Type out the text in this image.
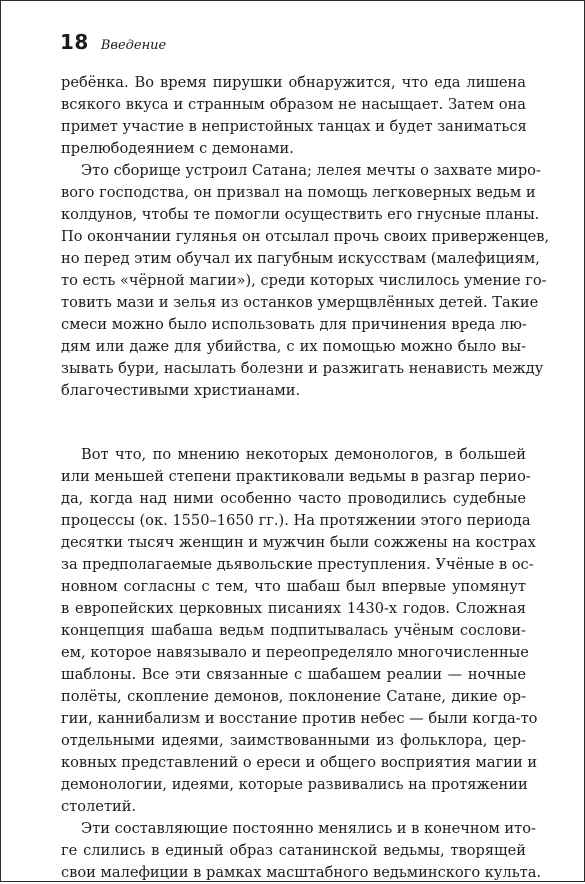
18 Введение
ребёнка. Во время пирушки обнаружится, что еда лишена
всякого вкуса и странным образом не насыщает. Затем она
примет участие в непристойных танцах и будет заниматься
прелюбодеянием с демонами.
Это сборище устроил Сатана; лелея мечты о захвате миро-
вого господства, он призвал на помощь легковерных ведьм и
колдунов, чтобы те помогли осуществить его гнусные планы.
По окончании гулянья он отсылал прочь своих приверженцев,
но перед этим обучал их пагубным искусствам (малефициям,
то есть «чёрной магии»), среди которых числилось умение го-
товить мази и зелья из останков умерщвлённых детей. Такие
смеси можно было использовать для причинения вреда лю-
дям или даже для убийства, с их помощью можно было вы-
зывать бури, насылать болезни и разжигать ненависть между
благочестивыми христианами.
Вот что, по мнению некоторых демонологов, в большей
или меньшей степени практиковали ведьмы в разгар перио-
да, когда над ними особенно часто проводились судебные
процессы (ок. 1550–1650 гг.). На протяжении этого периода
десятки тысяч женщин и мужчин были сожжены на кострах
за предполагаемые дьявольские преступления. Учёные в ос-
новном согласны с тем, что шабаш был впервые упомянут
в европейских церковных писаниях 1430-х годов. Сложная
концепция шабаша ведьм подпитывалась учёным сослови-
ем, которое навязывало и переопределяло многочисленные
шаблоны. Все эти связанные с шабашем реалии — ночные
полёты, скопление демонов, поклонение Сатане, дикие ор-
гии, каннибализм и восстание против небес — были когда-то
отдельными идеями, заимствованными из фольклора, цер-
ковных представлений о ереси и общего восприятия магии и
демонологии, идеями, которые развивались на протяжении
столетий.
Эти составляющие постоянно менялись и в конечном ито-
ге слились в единый образ сатанинской ведьмы, творящей
свои малефиции в рамках масштабного ведьминского культа.
